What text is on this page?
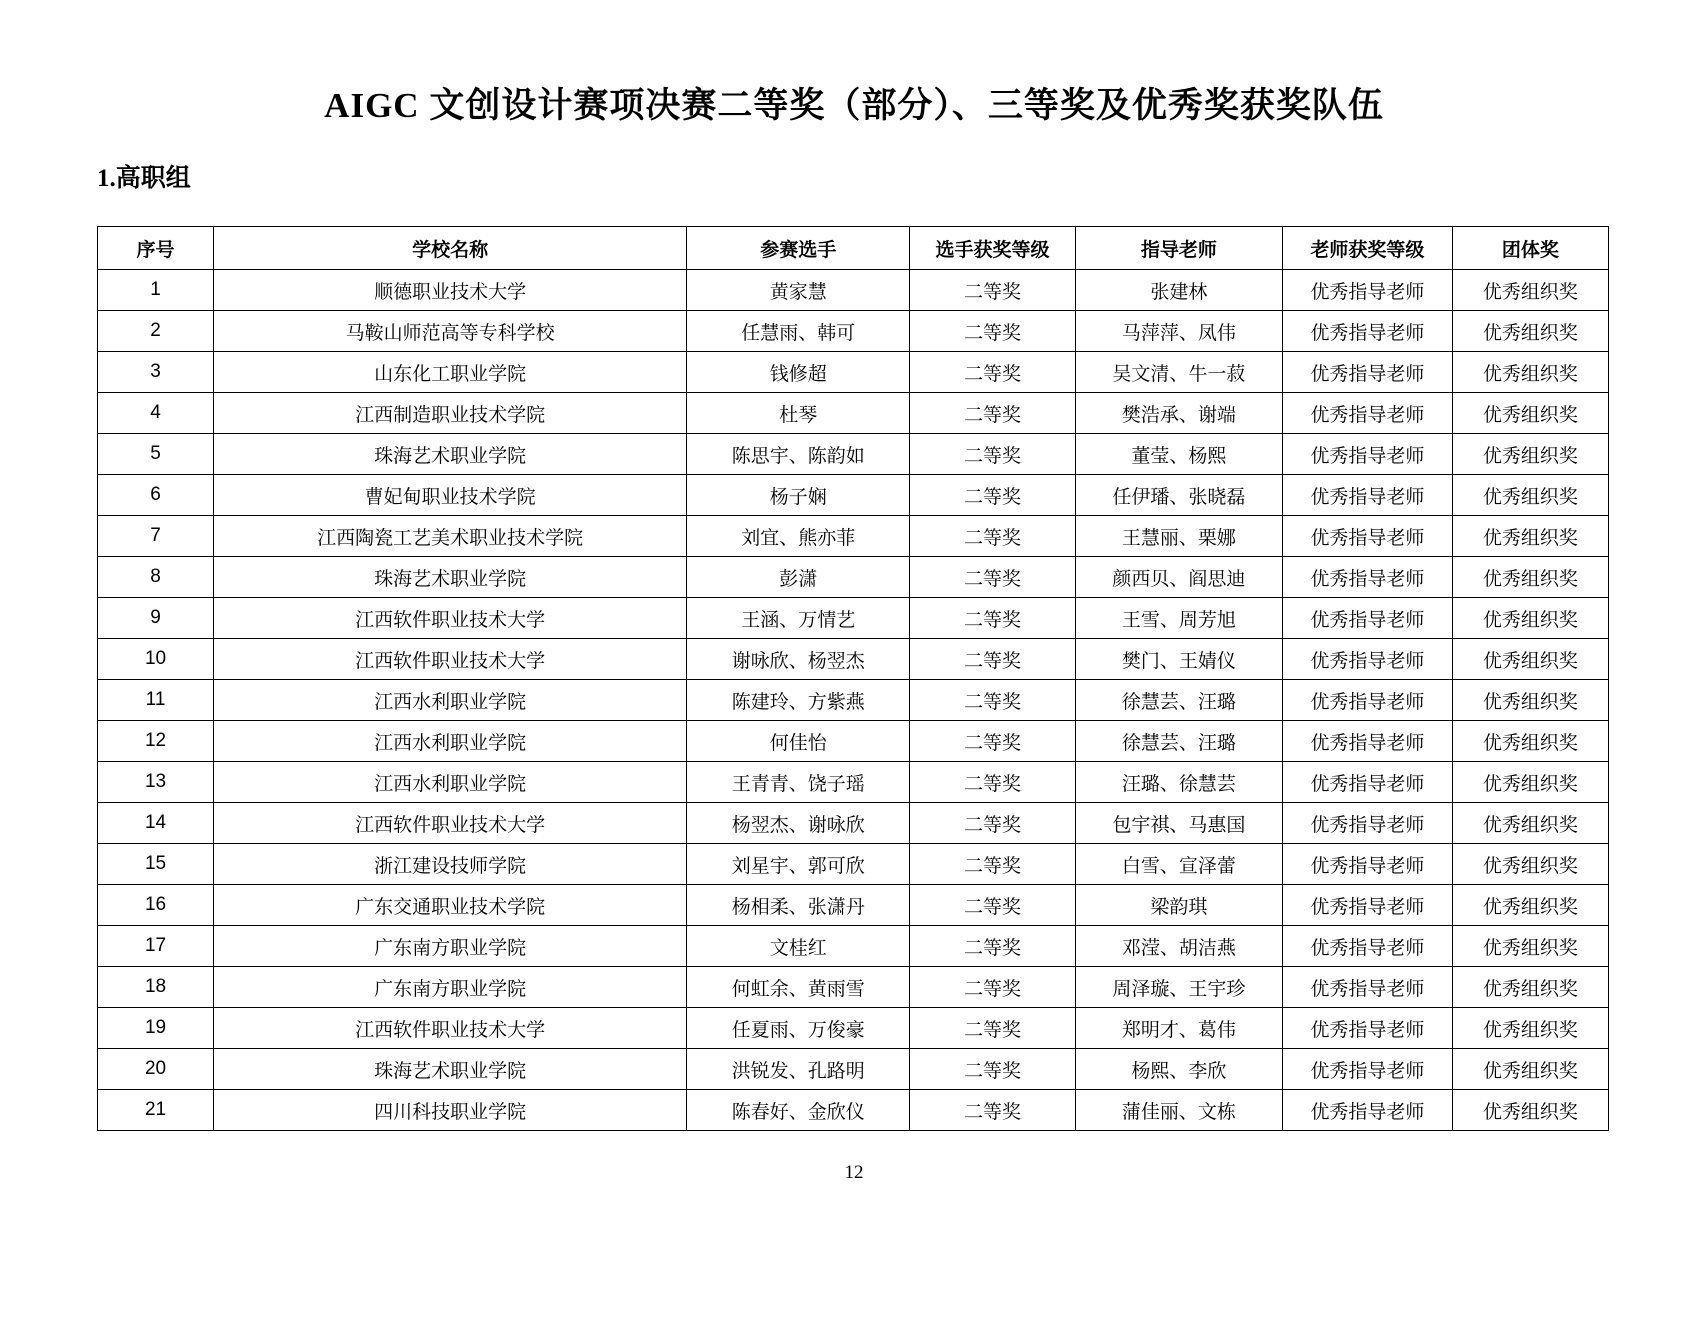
AIGC 文创设计赛项决赛二等奖（部分）、三等奖及优秀奖获奖队伍
1.高职组
序号	学校名称	参赛选手	选手获奖等级	指导老师	老师获奖等级	团体奖
1	顺德职业技术大学	黄家慧	二等奖	张建林	优秀指导老师	优秀组织奖
2	马鞍山师范高等专科学校	任慧雨、韩可	二等奖	马萍萍、凤伟	优秀指导老师	优秀组织奖
3	山东化工职业学院	钱修超	二等奖	吴文清、牛一菽	优秀指导老师	优秀组织奖
4	江西制造职业技术学院	杜琴	二等奖	樊浩承、谢端	优秀指导老师	优秀组织奖
5	珠海艺术职业学院	陈思宇、陈韵如	二等奖	董莹、杨熙	优秀指导老师	优秀组织奖
6	曹妃甸职业技术学院	杨子娴	二等奖	任伊璠、张晓磊	优秀指导老师	优秀组织奖
7	江西陶瓷工艺美术职业技术学院	刘宜、熊亦菲	二等奖	王慧丽、栗娜	优秀指导老师	优秀组织奖
8	珠海艺术职业学院	彭潇	二等奖	颜西贝、阎思迪	优秀指导老师	优秀组织奖
9	江西软件职业技术大学	王涵、万情艺	二等奖	王雪、周芳旭	优秀指导老师	优秀组织奖
10	江西软件职业技术大学	谢咏欣、杨翌杰	二等奖	樊门、王婧仪	优秀指导老师	优秀组织奖
11	江西水利职业学院	陈建玲、方紫燕	二等奖	徐慧芸、汪璐	优秀指导老师	优秀组织奖
12	江西水利职业学院	何佳怡	二等奖	徐慧芸、汪璐	优秀指导老师	优秀组织奖
13	江西水利职业学院	王青青、饶子瑶	二等奖	汪璐、徐慧芸	优秀指导老师	优秀组织奖
14	江西软件职业技术大学	杨翌杰、谢咏欣	二等奖	包宇祺、马惠国	优秀指导老师	优秀组织奖
15	浙江建设技师学院	刘星宇、郭可欣	二等奖	白雪、宣泽蕾	优秀指导老师	优秀组织奖
16	广东交通职业技术学院	杨相柔、张潇丹	二等奖	梁韵琪	优秀指导老师	优秀组织奖
17	广东南方职业学院	文桂红	二等奖	邓滢、胡洁燕	优秀指导老师	优秀组织奖
18	广东南方职业学院	何虹余、黄雨雪	二等奖	周泽璇、王宇珍	优秀指导老师	优秀组织奖
19	江西软件职业技术大学	任夏雨、万俊豪	二等奖	郑明才、葛伟	优秀指导老师	优秀组织奖
20	珠海艺术职业学院	洪锐发、孔路明	二等奖	杨熙、李欣	优秀指导老师	优秀组织奖
21	四川科技职业学院	陈春好、金欣仪	二等奖	蒲佳丽、文栋	优秀指导老师	优秀组织奖
12
